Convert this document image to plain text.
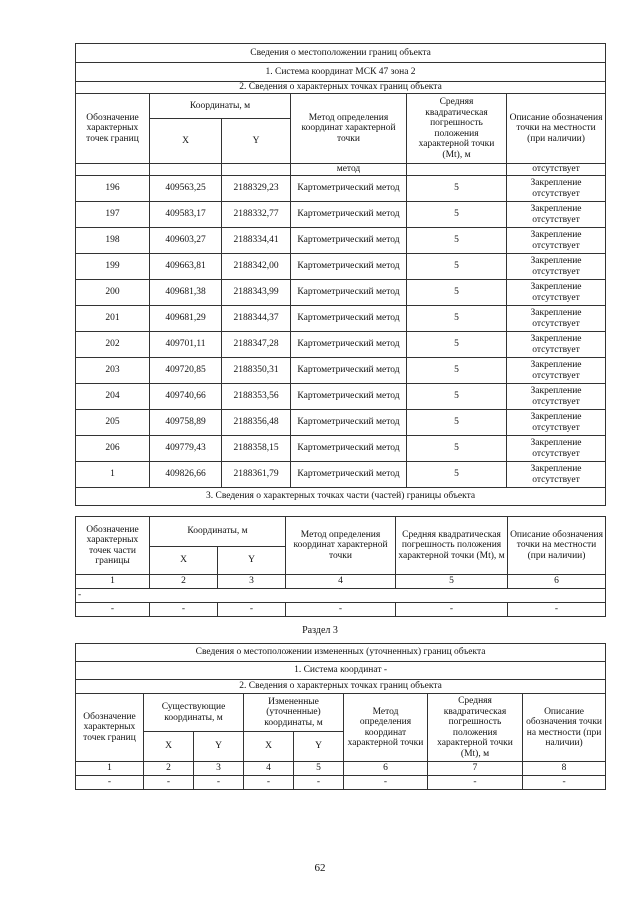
Сведения о местоположении границ объекта					
1. Система координат МСК 47 зона 2					
2. Сведения о характерных точках границ объекта					
Обозначение характерных точек границ	Координаты, м		Метод определения координат характерной точки	Средняя квадратическая погрешность положения характерной точки (Mt), м	Описание обозначения точки на местности (при наличии)
	X	Y			
			метод		отсутствует
196	409563,25	2188329,23	Картометрический метод	5	Закрепление отсутствует
197	409583,17	2188332,77	Картометрический метод	5	Закрепление отсутствует
198	409603,27	2188334,41	Картометрический метод	5	Закрепление отсутствует
199	409663,81	2188342,00	Картометрический метод	5	Закрепление отсутствует
200	409681,38	2188343,99	Картометрический метод	5	Закрепление отсутствует
201	409681,29	2188344,37	Картометрический метод	5	Закрепление отсутствует
202	409701,11	2188347,28	Картометрический метод	5	Закрепление отсутствует
203	409720,85	2188350,31	Картометрический метод	5	Закрепление отсутствует
204	409740,66	2188353,56	Картометрический метод	5	Закрепление отсутствует
205	409758,89	2188356,48	Картометрический метод	5	Закрепление отсутствует
206	409779,43	2188358,15	Картометрический метод	5	Закрепление отсутствует
1	409826,66	2188361,79	Картометрический метод	5	Закрепление отсутствует
3. Сведения о характерных точках части (частей) границы объекта					
Обозначение характерных точек части границы	Координаты, м		Метод определения координат характерной точки	Средняя квадратическая погрешность положения характерной точки (Mt), м	Описание обозначения точки на местности (при наличии)
	X	Y			
1	2	3	4	5	6
-					
-	-	-	-	-	-
Раздел 3
Сведения о местоположении измененных (уточненных) границ объекта							
1. Система координат -							
2. Сведения о характерных точках границ объекта							
Обозначение характерных точек границ	Существующие координаты, м		Измененные (уточненные) координаты, м		Метод определения координат характерной точки	Средняя квадратическая погрешность положения характерной точки (Mt), м	Описание обозначения точки на местности (при наличии)
	X	Y	X	Y			
1	2	3	4	5	6	7	8
-	-	-	-	-	-	-	-
62
